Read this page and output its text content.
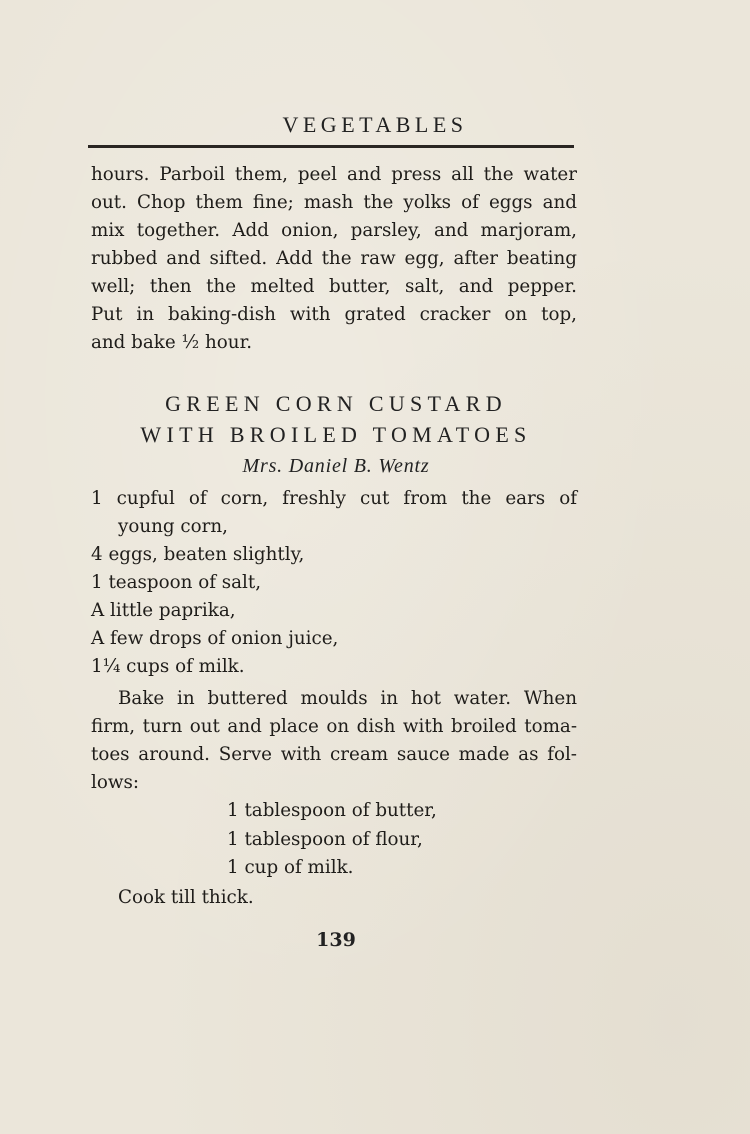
VEGETABLES
hours. Parboil them, peel and press all the water
out. Chop them fine; mash the yolks of eggs and
mix together. Add onion, parsley, and marjoram,
rubbed and sifted. Add the raw egg, after beating
well; then the melted butter, salt, and pepper.
Put in baking-dish with grated cracker on top,
and bake ½ hour.
GREEN CORN CUSTARD
WITH BROILED TOMATOES
Mrs. Daniel B. Wentz
1 cupful of corn, freshly cut from the ears of
young corn,
4 eggs, beaten slightly,
1 teaspoon of salt,
A little paprika,
A few drops of onion juice,
1¼ cups of milk.
Bake in buttered moulds in hot water. When
firm, turn out and place on dish with broiled toma-
toes around. Serve with cream sauce made as fol-
lows:
1 tablespoon of butter,
1 tablespoon of flour,
1 cup of milk.
Cook till thick.
139
